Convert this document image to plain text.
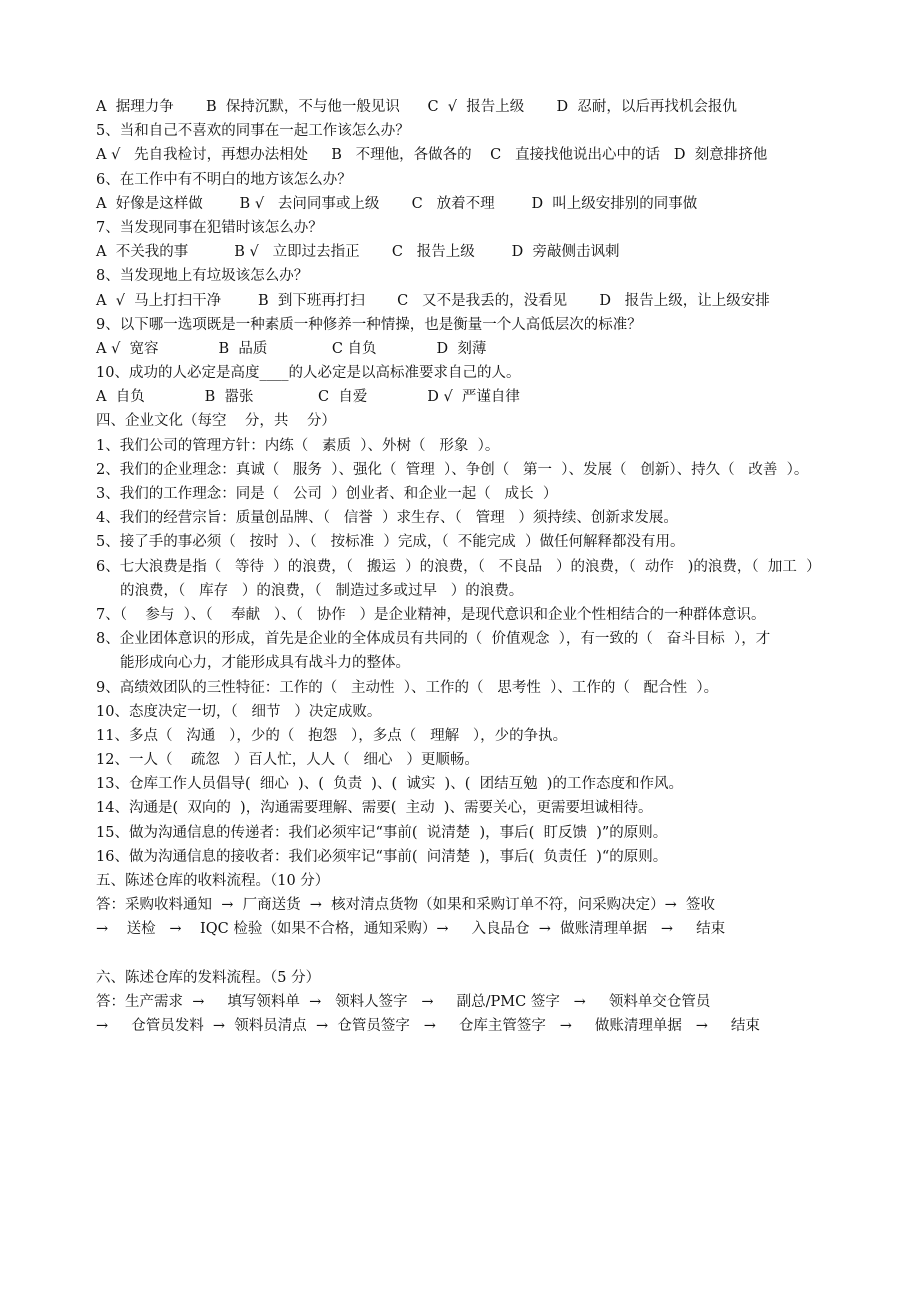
A  据理力争       B  保持沉默，不与他一般见识      C  √  报告上级       D  忍耐，以后再找机会报仇
5、当和自己不喜欢的同事在一起工作该怎么办？
A √   先自我检讨，再想办法相处     B   不理他，各做各的    C   直接找他说出心中的话   D  刻意排挤他
6、在工作中有不明白的地方该怎么办？
A  好像是这样做        B √   去问同事或上级       C   放着不理        D  叫上级安排别的同事做
7、当发现同事在犯错时该怎么办？
A  不关我的事          B √   立即过去指正       C   报告上级        D  旁敲侧击讽刺
8、当发现地上有垃圾该怎么办？
A  √  马上打扫干净        B  到下班再打扫       C   又不是我丢的，没看见       D   报告上级，让上级安排
9、以下哪一选项既是一种素质一种修养一种情操，也是衡量一个人高低层次的标准？
A √  宽容             B  品质              C 自负             D  刻薄
10、成功的人必定是高度____的人必定是以高标准要求自己的人。
A  自负             B  嚣张              C  自爱             D √  严谨自律
四、企业文化（每空    分，共    分）
1、我们公司的管理方针：内练（   素质  ）、外树（   形象  ）。
2、我们的企业理念：真诚（   服务  ）、强化（  管理  ）、争创（   第一  ）、发展（   创新）、持久（   改善  ）。
3、我们的工作理念：同是（   公司  ）创业者、和企业一起（   成长  ）
4、我们的经营宗旨：质量创品牌、（   信誉  ）求生存、（   管理   ）须持续、创新求发展。
5、接了手的事必须（   按时  ）、（   按标准  ）完成，（  不能完成  ）做任何解释都没有用。
6、七大浪费是指（   等待  ）的浪费，（   搬运  ）的浪费，（   不良品   ）的浪费，（  动作   )的浪费，（  加工  ）
的浪费，（   库存   ）的浪费，（   制造过多或过早   ）的浪费。
7、（    参与  ）、（    奉献   ）、（   协作   ）是企业精神，是现代意识和企业个性相结合的一种群体意识。
8、企业团体意识的形成，首先是企业的全体成员有共同的（  价值观念  ），有一致的（   奋斗目标  ），才
能形成向心力，才能形成具有战斗力的整体。
9、高绩效团队的三性特征：工作的（   主动性  ）、工作的（   思考性  ）、工作的（   配合性  ）。
10、态度决定一切，（   细节   ）决定成败。
11、多点（   沟通   ），少的（   抱怨   ），多点（   理解   ），少的争执。
12、一人（    疏忽   ）百人忙，人人（   细心   ）更顺畅。
13、仓库工作人员倡导(  细心  )、(  负责  )、(  诚实  )、(  团结互勉  )的工作态度和作风。
14、沟通是(  双向的  )，沟通需要理解、需要(  主动  )、需要关心，更需要坦诚相待。
15、做为沟通信息的传递者：我们必须牢记“事前(  说清楚  )，事后(  盯反馈  )”的原则。
16、做为沟通信息的接收者：我们必须牢记“事前(  问清楚  )，事后(  负责任  )“的原则。
五、陈述仓库的收料流程。（10 分）
答：采购收料通知  →  厂商送货  →  核对清点货物（如果和采购订单不符，问采购决定）→  签收
→    送检   →    IQC 检验（如果不合格，通知采购）→     入良品仓  →  做账清理单据   →     结束
六、陈述仓库的发料流程。（5 分）
答：生产需求  →     填写领料单  →   领料人签字   →     副总/PMC 签字   →     领料单交仓管员
→     仓管员发料  →  领料员清点  →  仓管员签字   →     仓库主管签字   →     做账清理单据   →     结束
